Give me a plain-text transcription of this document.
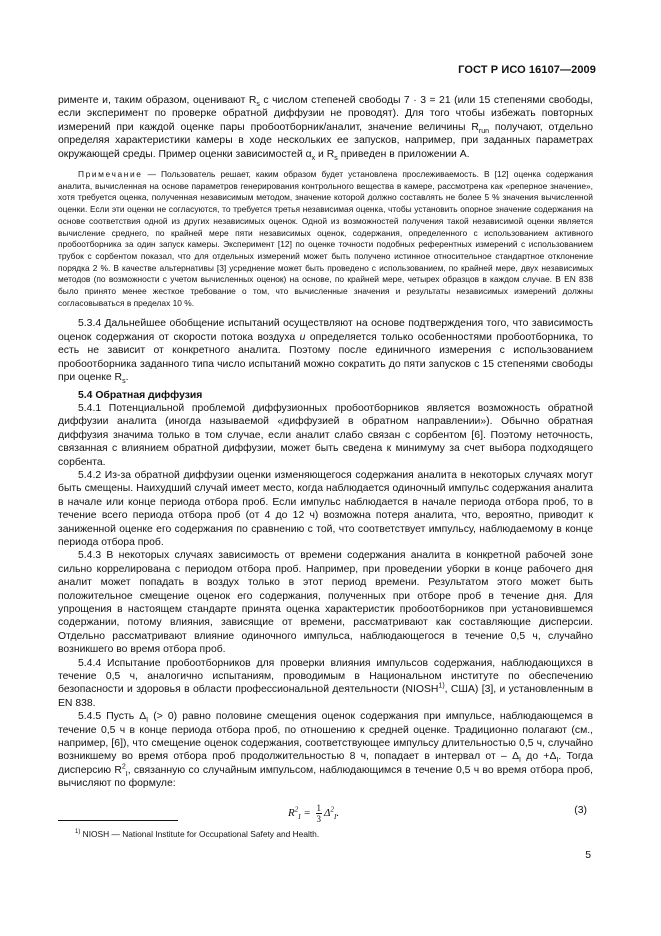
ГОСТ Р ИСО 16107—2009

рименте и, таким образом, оценивают $R_s$ с числом степеней свободы 7 · 3 = 21 (или 15 степенями свободы, если эксперимент по проверке обратной диффузии не проводят). Для того чтобы избежать повторных измерений при каждой оценке пары пробоотборник/аналит, значение величины $R_{run}$ получают, отдельно определяя характеристики камеры в ходе нескольких ее запусков, например, при заданных параметрах окружающей среды. Пример оценки зависимостей $\alpha_x$ и $R_s$ приведен в приложении А.

Примечание — Пользователь решает, каким образом будет установлена прослеживаемость. В [12] оценка содержания аналита, вычисленная на основе параметров генерирования контрольного вещества в камере, рассмотрена как «реперное значение», хотя требуется оценка, полученная независимым методом, значение которой должно составлять не более 5 % значения вычисленной оценки. Если эти оценки не согласуются, то требуется третья независимая оценка, чтобы установить опорное значение содержания на основе соответствия одной из других независимых оценок. Одной из возможностей получения такой независимой оценки является вычисление среднего, по крайней мере пяти независимых оценок, содержания, определенного с использованием активного пробоотборника за один запуск камеры. Эксперимент [12] по оценке точности подобных референтных измерений с использованием трубок с сорбентом показал, что для отдельных измерений может быть получено истинное относительное стандартное отклонение порядка 2 %. В качестве альтернативы [3] усреднение может быть проведено с использованием, по крайней мере, двух независимых методов (по возможности с учетом вычисленных оценок) на основе, по крайней мере, четырех образцов в каждом случае. В EN 838 было принято менее жесткое требование о том, что вычисленные значения и результаты независимых измерений должны согласовываться в пределах 10 %.

5.3.4 Дальнейшее обобщение испытаний осуществляют на основе подтверждения того, что зависимость оценок содержания от скорости потока воздуха u определяется только особенностями пробоотборника, то есть не зависит от конкретного аналита. Поэтому после единичного измерения с использованием пробоотборника заданного типа число испытаний можно сократить до пяти запусков с 15 степенями свободы при оценке $R_s$.

5.4 Обратная диффузия

5.4.1 Потенциальной проблемой диффузионных пробоотборников является возможность обратной диффузии аналита (иногда называемой «диффузией в обратном направлении»). Обычно обратная диффузия значима только в том случае, если аналит слабо связан с сорбентом [6]. Поэтому неточность, связанная с влиянием обратной диффузии, может быть сведена к минимуму за счет выбора подходящего сорбента.

5.4.2 Из-за обратной диффузии оценки изменяющегося содержания аналита в некоторых случаях могут быть смещены. Наихудший случай имеет место, когда наблюдается одиночный импульс содержания аналита в начале или конце периода отбора проб. Если импульс наблюдается в начале периода отбора проб, то в течение всего периода отбора проб (от 4 до 12 ч) возможна потеря аналита, что, вероятно, приводит к заниженной оценке его содержания по сравнению с той, что соответствует импульсу, наблюдаемому в конце периода отбора проб.

5.4.3 В некоторых случаях зависимость от времени содержания аналита в конкретной рабочей зоне сильно коррелирована с периодом отбора проб. Например, при проведении уборки в конце рабочего дня аналит может попадать в воздух только в этот период времени. Результатом этого может быть положительное смещение оценок его содержания, полученных при отборе проб в течение дня. Для упрощения в настоящем стандарте принята оценка характеристик пробоотборников при установившемся содержании, потому влияния, зависящие от времени, рассматривают как составляющие дисперсии. Отдельно рассматривают влияние одиночного импульса, наблюдающегося в течение 0,5 ч, случайно возникшего во время отбора проб.

5.4.4 Испытание пробоотборников для проверки влияния импульсов содержания, наблюдающихся в течение 0,5 ч, аналогично испытаниям, проводимым в Национальном институте по обеспечению безопасности и здоровья в области профессиональной деятельности (NIOSH$^{1)}$, США) [3], и установленным в EN 838.

5.4.5 Пусть $\Delta_I$ (> 0) равно половине смещения оценок содержания при импульсе, наблюдающемся в течение 0,5 ч в конце периода отбора проб, по отношению к средней оценке. Традиционно полагают (см., например, [6]), что смещение оценок содержания, соответствующее импульсу длительностью 0,5 ч, случайно возникшему во время отбора проб продолжительностью 8 ч, попадает в интервал от – $\Delta_I$ до $+\Delta_I$. Тогда дисперсию $R^2_I$, связанную со случайным импульсом, наблюдающимся в течение 0,5 ч во время отбора проб, вычисляют по формуле:

$R^2_I = \frac{1}{3} \Delta^2_I$.	(3)
$^{1)}$ NIOSH — National Institute for Occupational Safety and Health.
5
